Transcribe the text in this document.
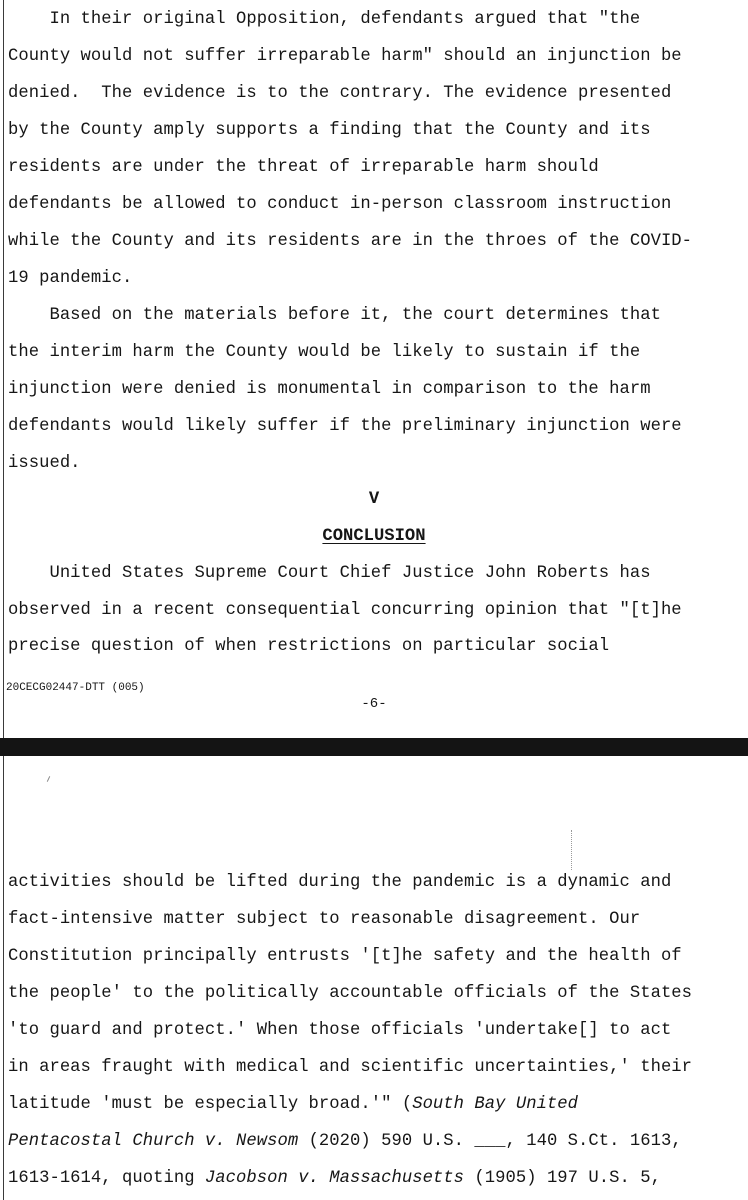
In their original Opposition, defendants argued that "the
County would not suffer irreparable harm" should an injunction be
denied.  The evidence is to the contrary. The evidence presented
by the County amply supports a finding that the County and its
residents are under the threat of irreparable harm should
defendants be allowed to conduct in-person classroom instruction
while the County and its residents are in the throes of the COVID-
19 pandemic.
Based on the materials before it, the court determines that
the interim harm the County would be likely to sustain if the
injunction were denied is monumental in comparison to the harm
defendants would likely suffer if the preliminary injunction were
issued.
V
CONCLUSION
United States Supreme Court Chief Justice John Roberts has
observed in a recent consequential concurring opinion that "[t]he
precise question of when restrictions on particular social
20CECG02447-DTT (005)
-6-
activities should be lifted during the pandemic is a dynamic and
fact-intensive matter subject to reasonable disagreement. Our
Constitution principally entrusts '[t]he safety and the health of
the people' to the politically accountable officials of the States
'to guard and protect.' When those officials 'undertake[] to act
in areas fraught with medical and scientific uncertainties,' their
latitude 'must be especially broad.'" (South Bay United
Pentacostal Church v. Newsom (2020) 590 U.S. ___, 140 S.Ct. 1613,
1613-1614, quoting Jacobson v. Massachusetts (1905) 197 U.S. 5,
